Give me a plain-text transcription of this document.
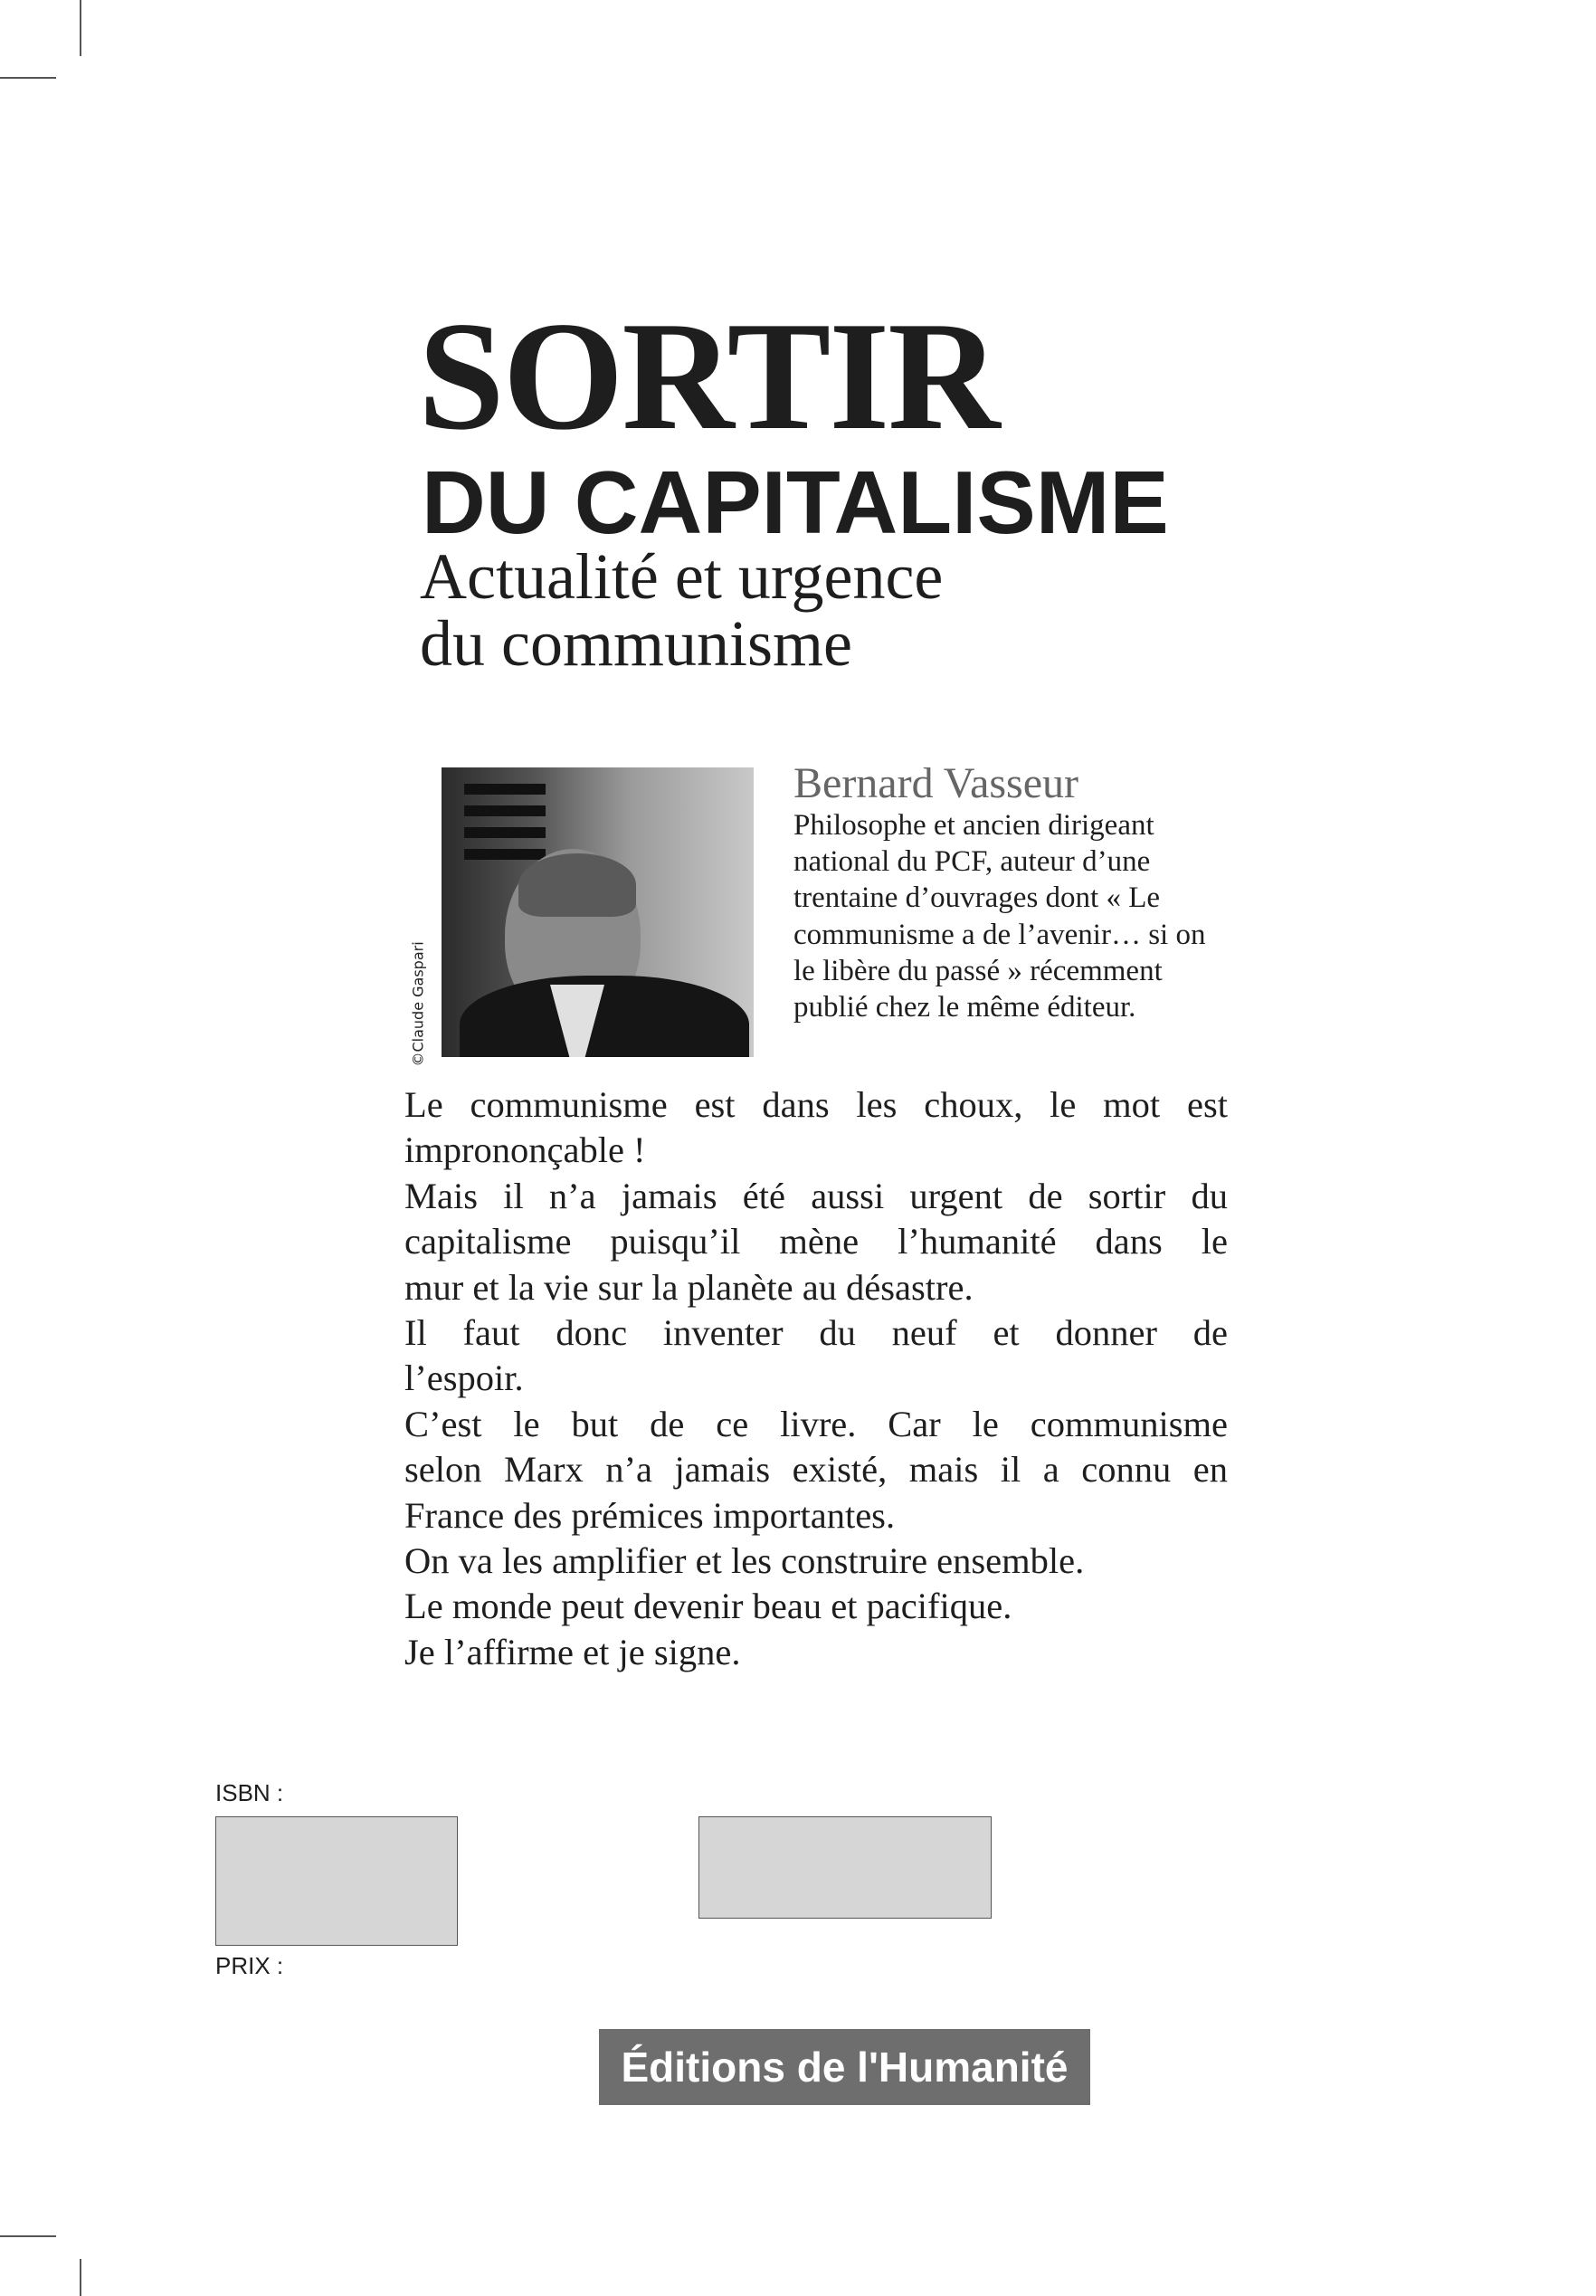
SORTIR
DU CAPITALISME
Actualité et urgence
du communisme
©Claude Gaspari
Bernard Vasseur
Philosophe et ancien dirigeant
national du PCF, auteur d’une
trentaine d’ouvrages dont « Le
communisme a de l’avenir… si on
le libère du passé » récemment
publié chez le même éditeur.
Le communisme est dans les choux, le mot est
imprononçable !
Mais il n’a jamais été aussi urgent de sortir du
capitalisme puisqu’il mène l’humanité dans le
mur et la vie sur la planète au désastre.
Il faut donc inventer du neuf et donner de
l’espoir.
C’est le but de ce livre. Car le communisme
selon Marx n’a jamais existé, mais il a connu en
France des prémices importantes.
On va les amplifier et les construire ensemble.
Le monde peut devenir beau et pacifique.
Je l’affirme et je signe.
ISBN :
PRIX :
Éditions de l'Humanité
